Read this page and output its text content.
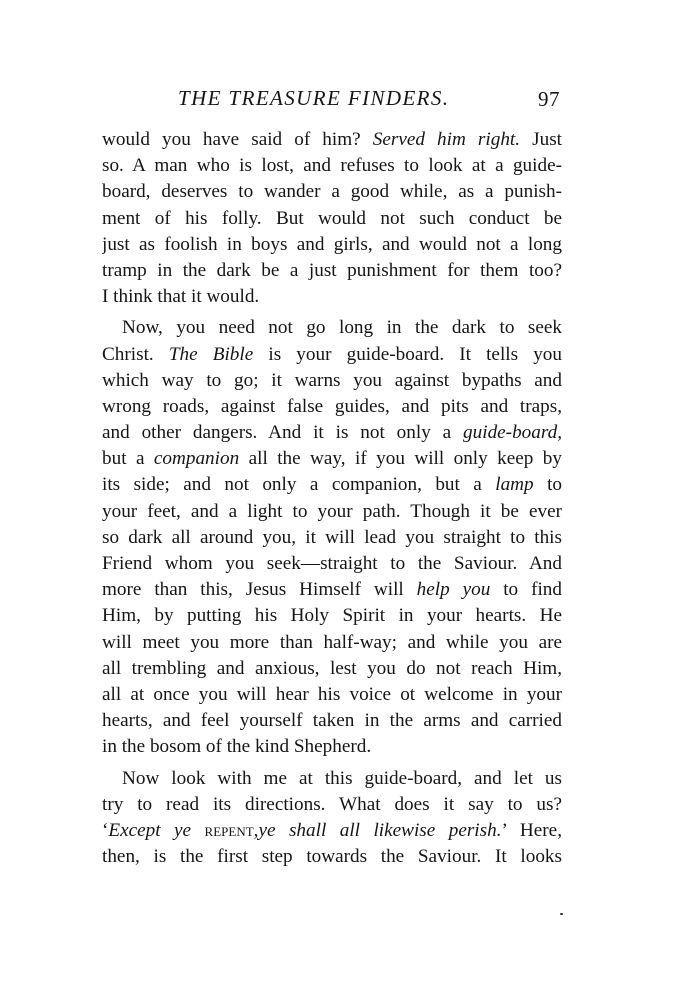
THE TREASURE FINDERS.	97
would you have said of him? Served him right. Just
so. A man who is lost, and refuses to look at a guide-
board, deserves to wander a good while, as a punish-
ment of his folly. But would not such conduct be
just as foolish in boys and girls, and would not a long
tramp in the dark be a just punishment for them too?
I think that it would.
Now, you need not go long in the dark to seek
Christ. The Bible is your guide-board. It tells you
which way to go; it warns you against bypaths and
wrong roads, against false guides, and pits and traps,
and other dangers. And it is not only a guide-board,
but a companion all the way, if you will only keep by
its side; and not only a companion, but a lamp to
your feet, and a light to your path. Though it be ever
so dark all around you, it will lead you straight to this
Friend whom you seek—straight to the Saviour. And
more than this, Jesus Himself will help you to find
Him, by putting his Holy Spirit in your hearts. He
will meet you more than half-way; and while you are
all trembling and anxious, lest you do not reach Him,
all at once you will hear his voice ot welcome in your
hearts, and feel yourself taken in the arms and carried
in the bosom of the kind Shepherd.
Now look with me at this guide-board, and let us
try to read its directions. What does it say to us?
‘Except ye repent,ye shall all likewise perish.’ Here,
then, is the first step towards the Saviour. It looks
